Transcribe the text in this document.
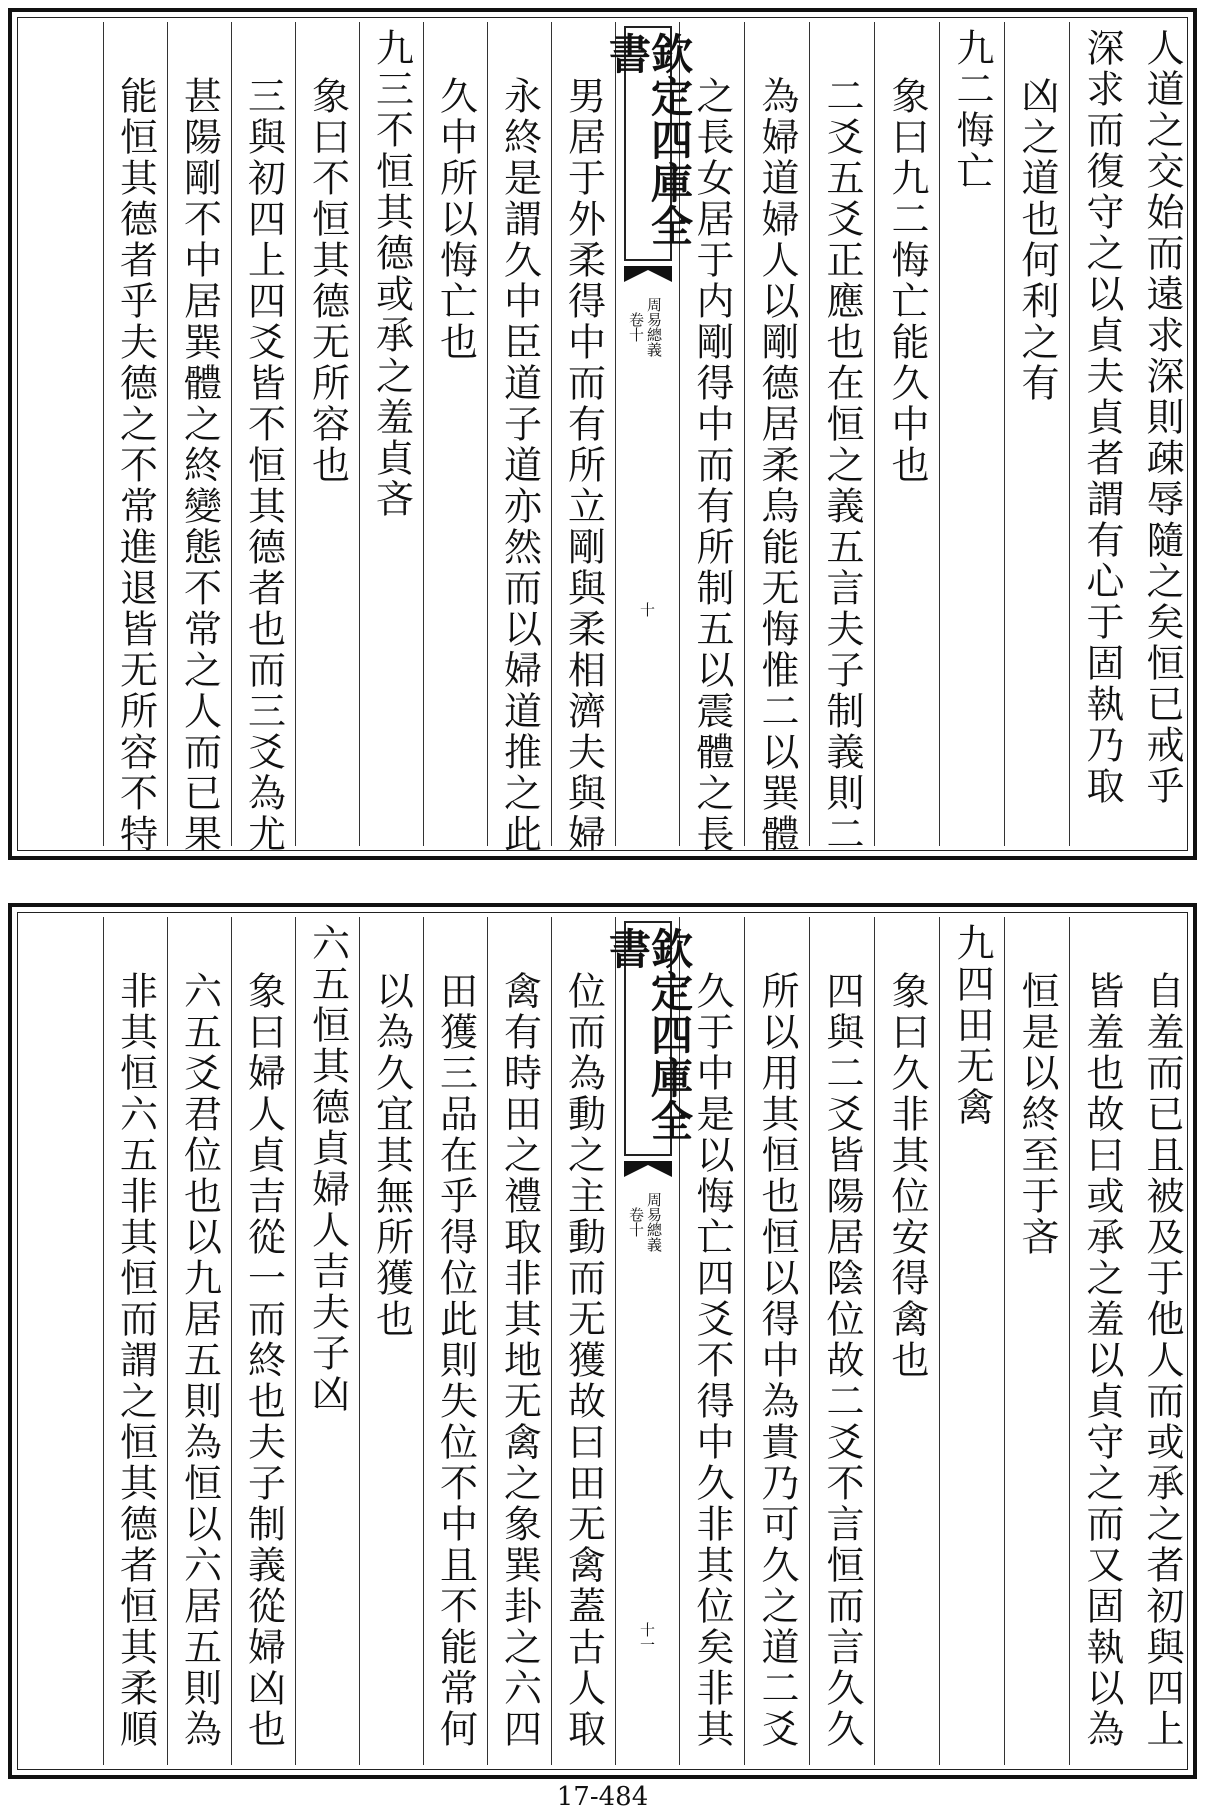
人道之交始而遠求深則疎辱隨之矣恒已戒乎
深求而復守之以貞夫貞者謂有心于固執乃取
凶之道也何利之有
九二悔亡
象曰九二悔亡能久中也
二爻五爻正應也在恒之義五言夫子制義則二
為婦道婦人以剛德居柔烏能无悔惟二以巽體
之長女居于内剛得中而有所制五以震體之長
欽定四庫全書
周易總義
卷十
十
男居于外柔得中而有所立剛與柔相濟夫與婦
永終是謂久中臣道子道亦然而以婦道推之此
久中所以悔亡也
九三不恒其德或承之羞貞吝
象曰不恒其德无所容也
三與初四上四爻皆不恒其德者也而三爻為尤
甚陽剛不中居巽體之終變態不常之人而已果
能恒其德者乎夫德之不常進退皆无所容不特
自羞而已且被及于他人而或承之者初與四上
皆羞也故曰或承之羞以貞守之而又固執以為
恒是以終至于吝
九四田无禽
象曰久非其位安得禽也
四與二爻皆陽居陰位故二爻不言恒而言久久
所以用其恒也恒以得中為貴乃可久之道二爻
久于中是以悔亡四爻不得中久非其位矣非其
欽定四庫全書
周易總義
卷十
十一
位而為動之主動而无獲故曰田无禽蓋古人取
禽有時田之禮取非其地无禽之象巽卦之六四
田獲三品在乎得位此則失位不中且不能常何
以為久宜其無所獲也
六五恒其德貞婦人吉夫子凶
象曰婦人貞吉從一而終也夫子制義從婦凶也
六五爻君位也以九居五則為恒以六居五則為
非其恒六五非其恒而謂之恒其德者恒其柔順
17-484
